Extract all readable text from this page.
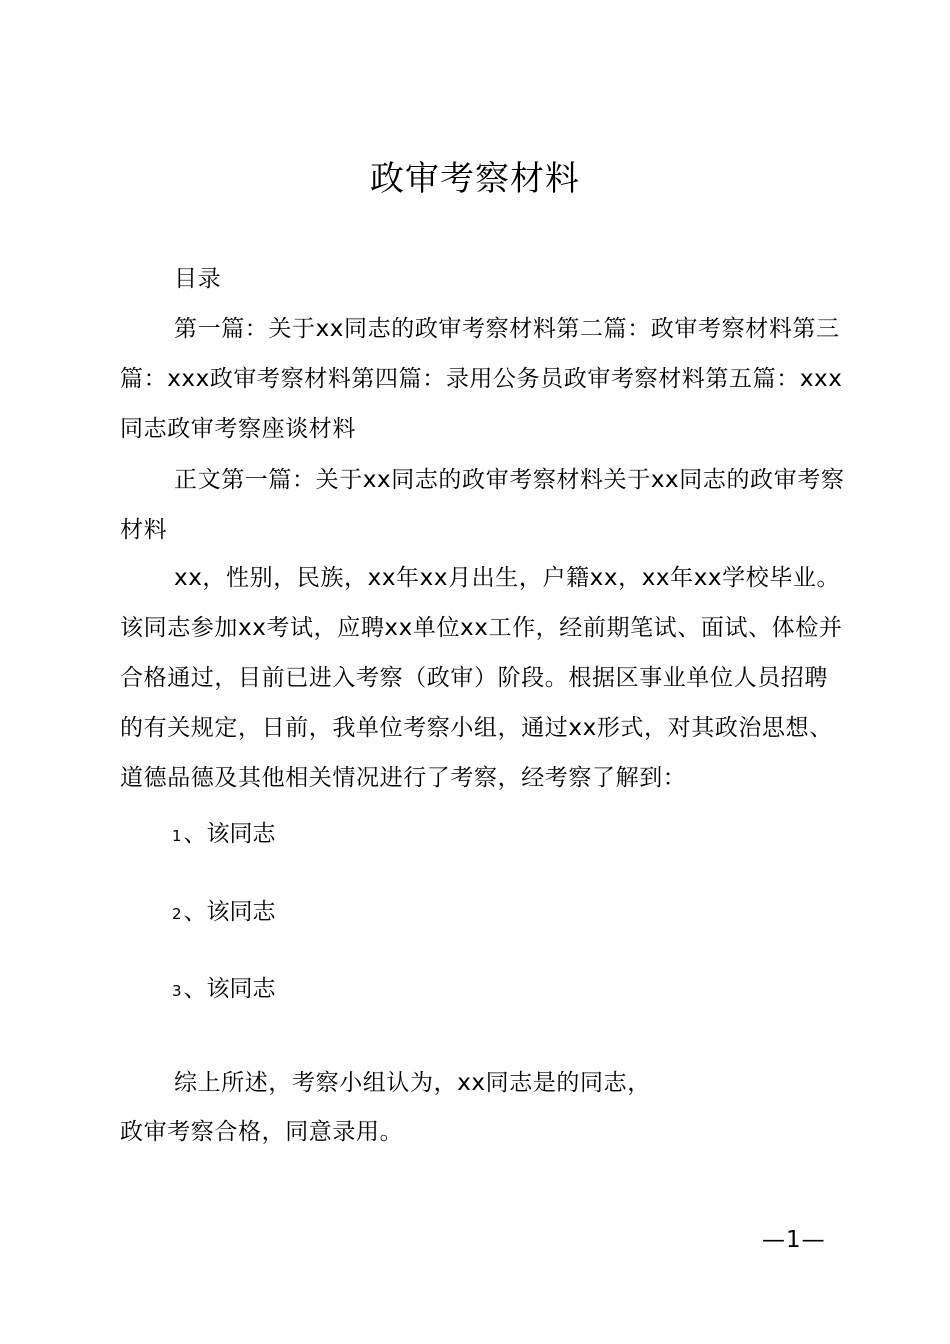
政审考察材料

目录

第一篇：关于xx同志的政审考察材料第二篇：政审考察材料第三篇：xxx政审考察材料第四篇：录用公务员政审考察材料第五篇：xxx同志政审考察座谈材料

正文第一篇：关于xx同志的政审考察材料关于xx同志的政审考察材料

xx，性别，民族，xx年xx月出生，户籍xx，xx年xx学校毕业。该同志参加xx考试，应聘xx单位xx工作，经前期笔试、面试、体检并合格通过，目前已进入考察（政审）阶段。根据区事业单位人员招聘的有关规定，日前，我单位考察小组，通过xx形式，对其政治思想、道德品德及其他相关情况进行了考察，经考察了解到：

1、该同志

2、该同志

3、该同志

综上所述，考察小组认为，xx同志是的同志，

政审考察合格，同意录用。

—1—
